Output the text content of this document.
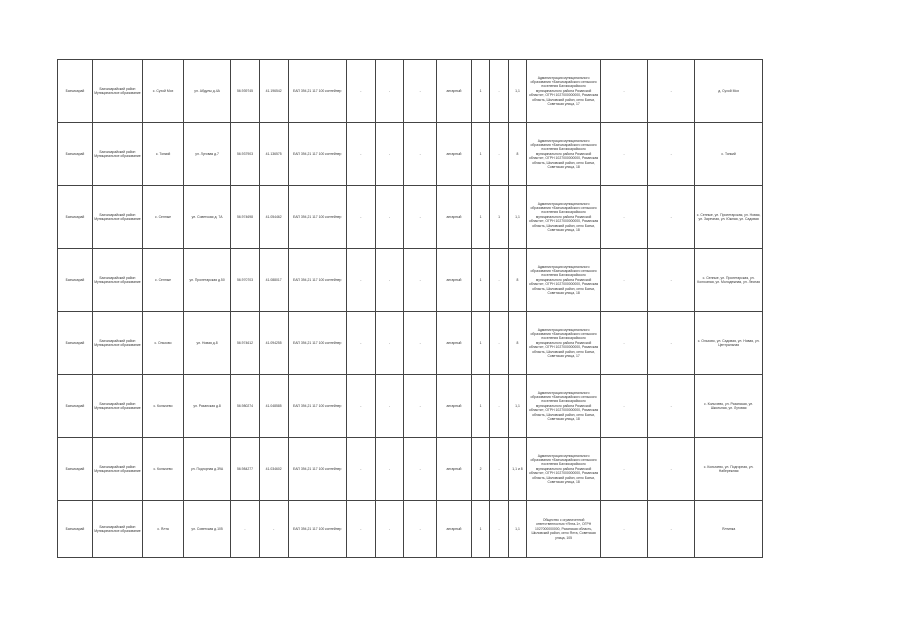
Бахчисарай	Бахчисарайский район Муниципальное образование	с. Сухой Мох	ул. Абдулы д.4А	56.939745	41.196542	ЕАП 394,21 117 100 контейнер	-	-	-	ангарный	1	-	1,1	Администрация муниципального образования «Бахчисарайского сельского поселения Бахчисарайского муниципального района Рязанской области», ОГРН 1027000000000, Рязанская область, Шиловский район, село Бахчи, Советская улица, 17	-	-	д. Сухой Мох
Бахчисарай	Бахчисарайский район Муниципальное образование	с. Тонкий	ул. Луговая д.7	56.937903	41.136575	ЕАП 394,21 117 100 контейнер	-	-	-	ангарный	1	-	8	Администрация муниципального образования «Бахчисарайского сельского поселения Бахчисарайского муниципального района Рязанской области», ОГРН 1027000000000, Рязанская область, Шиловский район, село Бахчи, Советская улица, 18	-	-	с. Тонкий
Бахчисарай	Бахчисарайский район Муниципальное образование	с. Сенные	ул. Советская д. 7А	56.974698	41.054462	ЕАП 394,21 117 100 контейнер	-	-	-	ангарный	1	1	1,1	Администрация муниципального образования «Бахчисарайского сельского поселения Бахчисарайского муниципального района Рязанской области», ОГРН 1027000000000, Рязанская область, Шиловский район, село Бахчи, Советская улица, 18	-	-	с. Сенные, ул. Пролетарская, ул. Новая, ул. Заречная, ул. Южная, ул. Садовая
Бахчисарай	Бахчисарайский район Муниципальное образование	с. Сенные	ул. Пролетарская д.50	56.970703	41.088017	ЕАП 394,21 117 100 контейнер	-	-	-	ангарный	1	-	8	Администрация муниципального образования «Бахчисарайского сельского поселения Бахчисарайского муниципального района Рязанской области», ОГРН 1027000000000, Рязанская область, Шиловский район, село Бахчи, Советская улица, 18	-	-	с. Сенные, ул. Пролетарская, ул. Колхозная, ул. Молодежная, ул. Лесная
Бахчисарай	Бахчисарайский район Муниципальное образование	с. Ольхово	ул. Новая д.8	56.974612	41.094255	ЕАП 394,21 117 100 контейнер	-	-	-	ангарный	1	-	8	Администрация муниципального образования «Бахчисарайского сельского поселения Бахчисарайского муниципального района Рязанской области», ОГРН 1027000000000, Рязанская область, Шиловский район, село Бахчи, Советская улица, 17	-	-	с. Ольхово, ул. Садовая, ул. Новая, ул. Центральная
Бахчисарай	Бахчисарайский район Муниципальное образование	с. Колычево	ул. Рязанская д.8	56.980274	41.048585	ЕАП 394,21 117 100 контейнер	-	-	-	ангарный	1	-	1,1	Администрация муниципального образования «Бахчисарайского сельского поселения Бахчисарайского муниципального района Рязанской области», ОГРН 1027000000000, Рязанская область, Шиловский район, село Бахчи, Советская улица, 18	-	-	с. Колычево, ул. Рязанская, ул. Школьная, ул. Луговая
Бахчисарай	Бахчисарайский район Муниципальное образование	с. Колычево	ул. Подгорная д.39А	56.984277	41.034602	ЕАП 394,21 117 100 контейнер	-	-	-	ангарный	2	-	1,1 и 8	Администрация муниципального образования «Бахчисарайского сельского поселения Бахчисарайского муниципального района Рязанской области», ОГРН 1027000000000, Рязанская область, Шиловский район, село Бахчи, Советская улица, 18	-	-	с. Колычево, ул. Подгорная, ул. Набережная
Бахчисарай	Бахчисарайский район Муниципальное образование	с. Ялта	ул. Советская д.105	-	-	ЕАП 394,21 117 100 контейнер	-	-	-	ангарный	1	-	1,1	Общество с ограниченной ответственностью «Ялта-1», ОГРН 1027000000000, Рязанская область, Шиловский район, село Ялта, Советская улица, 105	-	-	Ялтинка
